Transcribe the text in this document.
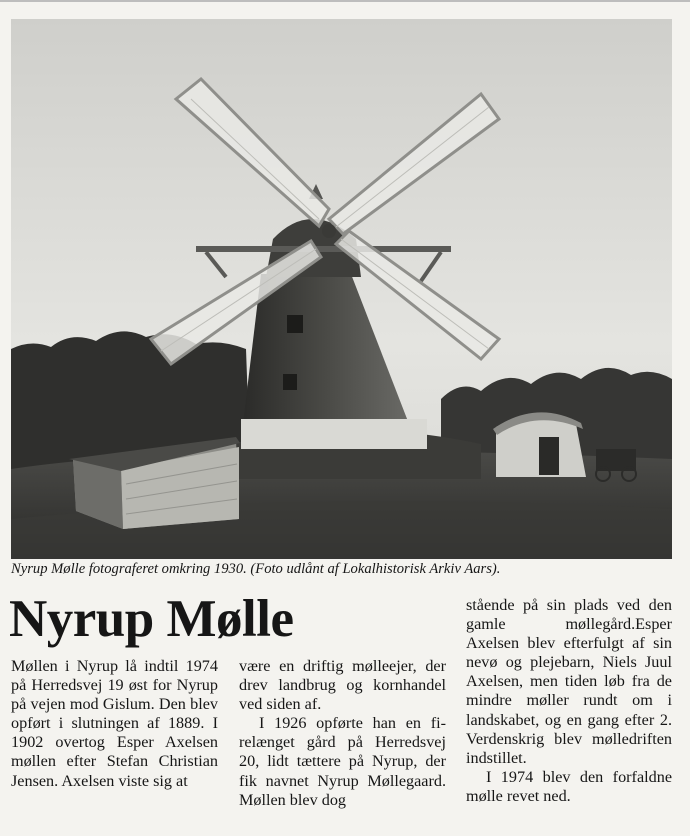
Nyrup Mølle fotograferet omkring 1930. (Foto udlånt af Lokalhistorisk Arkiv Aars).
Nyrup Mølle

Møllen i Nyrup lå indtil 1974 på Herredsvej 19 øst for Nyrup på vejen mod Gislum. Den blev opført i slutningen af 1889. I 1902 overtog Esper Axelsen møllen efter Stefan Christian Jensen. Axelsen viste sig at

være en driftig mølleejer, der drev landbrug og kornhandel ved siden af.

I 1926 opførte han en firelænget gård på Herredsvej 20, lidt tættere på Nyrup, der fik navnet Nyrup Møllegaard. Møllen blev dog

stående på sin plads ved den gamle møllegård.Esper Axelsen blev efterfulgt af sin nevø og plejebarn, Niels Juul Axelsen, men tiden løb fra de mindre møller rundt om i landskabet, og en gang efter 2. Verdenskrig blev mølledriften indstillet.

I 1974 blev den forfaldne mølle revet ned.
